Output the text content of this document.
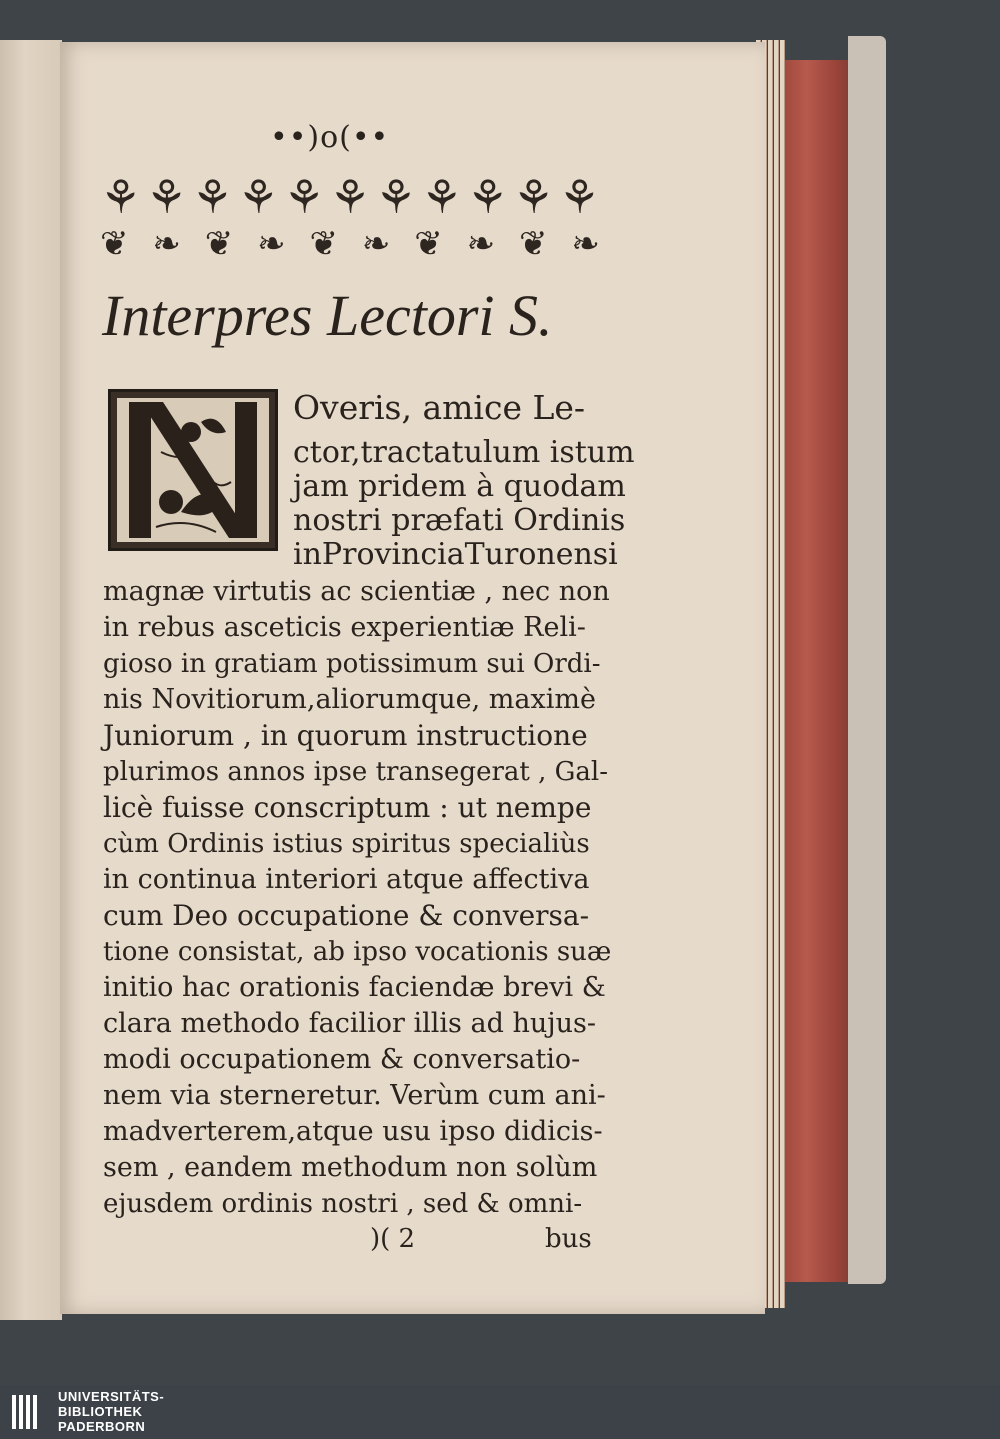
••)o(••
⚘ ⚘ ⚘ ⚘ ⚘ ⚘ ⚘ ⚘ ⚘ ⚘ ⚘
❦ ❧ ❦ ❧ ❦ ❧ ❦ ❧ ❦ ❧
Interpres Lectori S.
Overis, amice Le-
ctor,tractatulum istum
jam pridem à quodam
nostri præfati Ordinis
inProvinciaTuronensi
magnæ virtutis ac scientiæ , nec non
in rebus asceticis experientiæ Reli-
gioso in gratiam potissimum sui Ordi-
nis Novitiorum,aliorumque, maximè
Juniorum , in quorum instructione
plurimos annos ipse transegerat , Gal-
licè fuisse conscriptum : ut nempe
cùm Ordinis istius spiritus specialiùs
in continua interiori atque affectiva
cum Deo occupatione & conversa-
tione consistat, ab ipso vocationis suæ
initio hac orationis faciendæ brevi &
clara methodo facilior illis ad hujus-
modi occupationem & conversatio-
nem via sterneretur. Verùm cum ani-
madverterem,atque usu ipso didicis-
sem , eandem methodum non solùm
ejusdem ordinis nostri , sed & omni-
)( 2	bus
UNIVERSITÄTS-
BIBLIOTHEK
PADERBORN
